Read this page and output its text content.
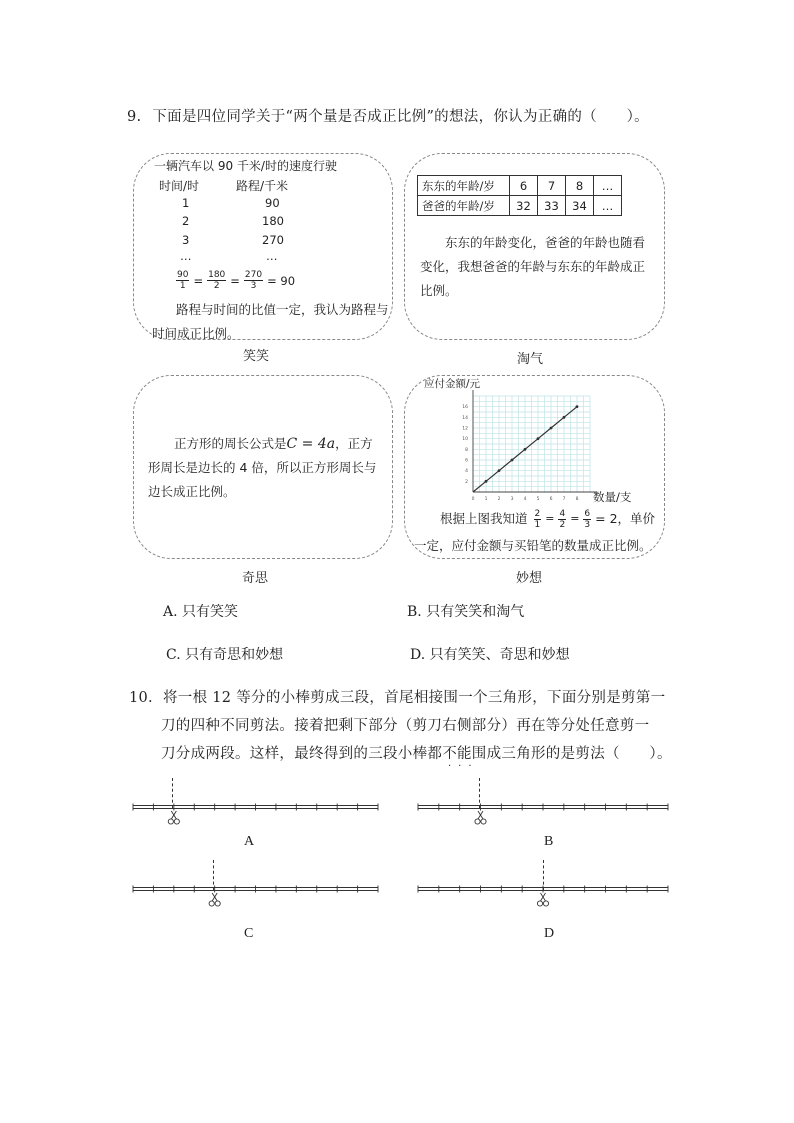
9. 下面是四位同学关于“两个量是否成正比例”的想法，你认为正确的（　　）。
一辆汽车以 90 千米/时的速度行驶
时间/时	路程/千米
1	90
2	180
3	270
…	…
$\frac{90}{1} = \frac{180}{2} = \frac{270}{3} = 90$
路程与时间的比值一定，我认为路程与时间成正比例。
笑笑
东东的年龄/岁	6	7	8	…
爸爸的年龄/岁	32	33	34	…
东东的年龄变化，爸爸的年龄也随看变化，我想爸爸的年龄与东东的年龄成正比例。
淘气
正方形的周长公式是C = 4a，正方形周长是边长的 4 倍，所以正方形周长与边长成正比例。
奇思
应付金额/元
0 1 2 3 4 5 6 7 8
2
4
6
8
10
12
14
16
数量/支
根据上图我知道 $\frac{2}{1} = \frac{4}{2} = \frac{6}{3} = 2$，单价
一定，应付金额与买铅笔的数量成正比例。
妙想
A. 只有笑笑	B. 只有笑笑和淘气
C. 只有奇思和妙想	D. 只有笑笑、奇思和妙想
10. 将一根 12 等分的小棒剪成三段，首尾相接围一个三角形，下面分别是剪第一
刀的四种不同剪法。接着把剩下部分（剪刀右侧部分）再在等分处任意剪一
刀分成两段。这样，最终得到的三段小棒都不能围成三角形的是剪法（　　）。
···
A	B
C	D
